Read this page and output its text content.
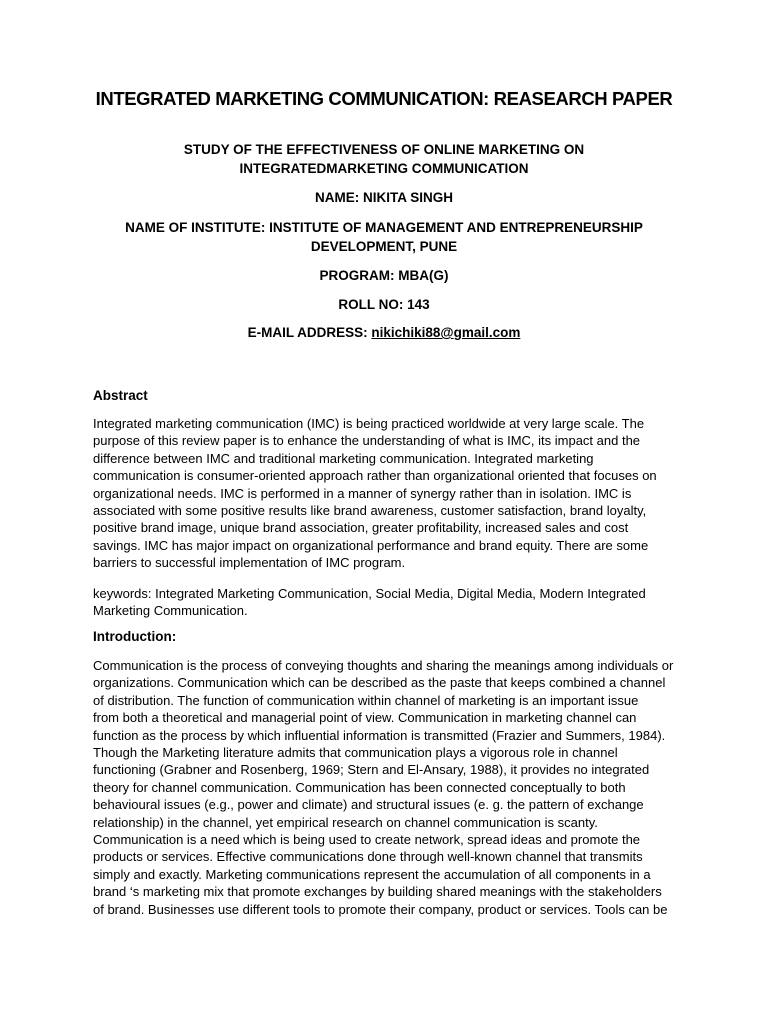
INTEGRATED MARKETING COMMUNICATION: REASEARCH PAPER
STUDY OF THE EFFECTIVENESS OF ONLINE MARKETING ON INTEGRATEDMARKETING COMMUNICATION
NAME: NIKITA SINGH
NAME OF INSTITUTE: INSTITUTE OF MANAGEMENT AND ENTREPRENEURSHIP DEVELOPMENT, PUNE
PROGRAM: MBA(G)
ROLL NO: 143
E-MAIL ADDRESS: nikichiki88@gmail.com
Abstract
Integrated marketing communication (IMC) is being practiced worldwide at very large scale. The
purpose of this review paper is to enhance the understanding of what is IMC, its impact and the
difference between IMC and traditional marketing communication. Integrated marketing
communication is consumer-oriented approach rather than organizational oriented that focuses on
organizational needs. IMC is performed in a manner of synergy rather than in isolation. IMC is
associated with some positive results like brand awareness, customer satisfaction, brand loyalty,
positive brand image, unique brand association, greater profitability, increased sales and cost
savings. IMC has major impact on organizational performance and brand equity. There are some
barriers to successful implementation of IMC program.
keywords: Integrated Marketing Communication, Social Media, Digital Media, Modern Integrated
Marketing Communication.
Introduction:
Communication is the process of conveying thoughts and sharing the meanings among individuals or
organizations. Communication which can be described as the paste that keeps combined a channel
of distribution. The function of communication within channel of marketing is an important issue
from both a theoretical and managerial point of view. Communication in marketing channel can
function as the process by which influential information is transmitted (Frazier and Summers, 1984).
Though the Marketing literature admits that communication plays a vigorous role in channel
functioning (Grabner and Rosenberg, 1969; Stern and El-Ansary, 1988), it provides no integrated
theory for channel communication. Communication has been connected conceptually to both
behavioural issues (e.g., power and climate) and structural issues (e. g. the pattern of exchange
relationship) in the channel, yet empirical research on channel communication is scanty.
Communication is a need which is being used to create network, spread ideas and promote the
products or services. Effective communications done through well-known channel that transmits
simply and exactly. Marketing communications represent the accumulation of all components in a
brand ‘s marketing mix that promote exchanges by building shared meanings with the stakeholders
of brand. Businesses use different tools to promote their company, product or services. Tools can be
